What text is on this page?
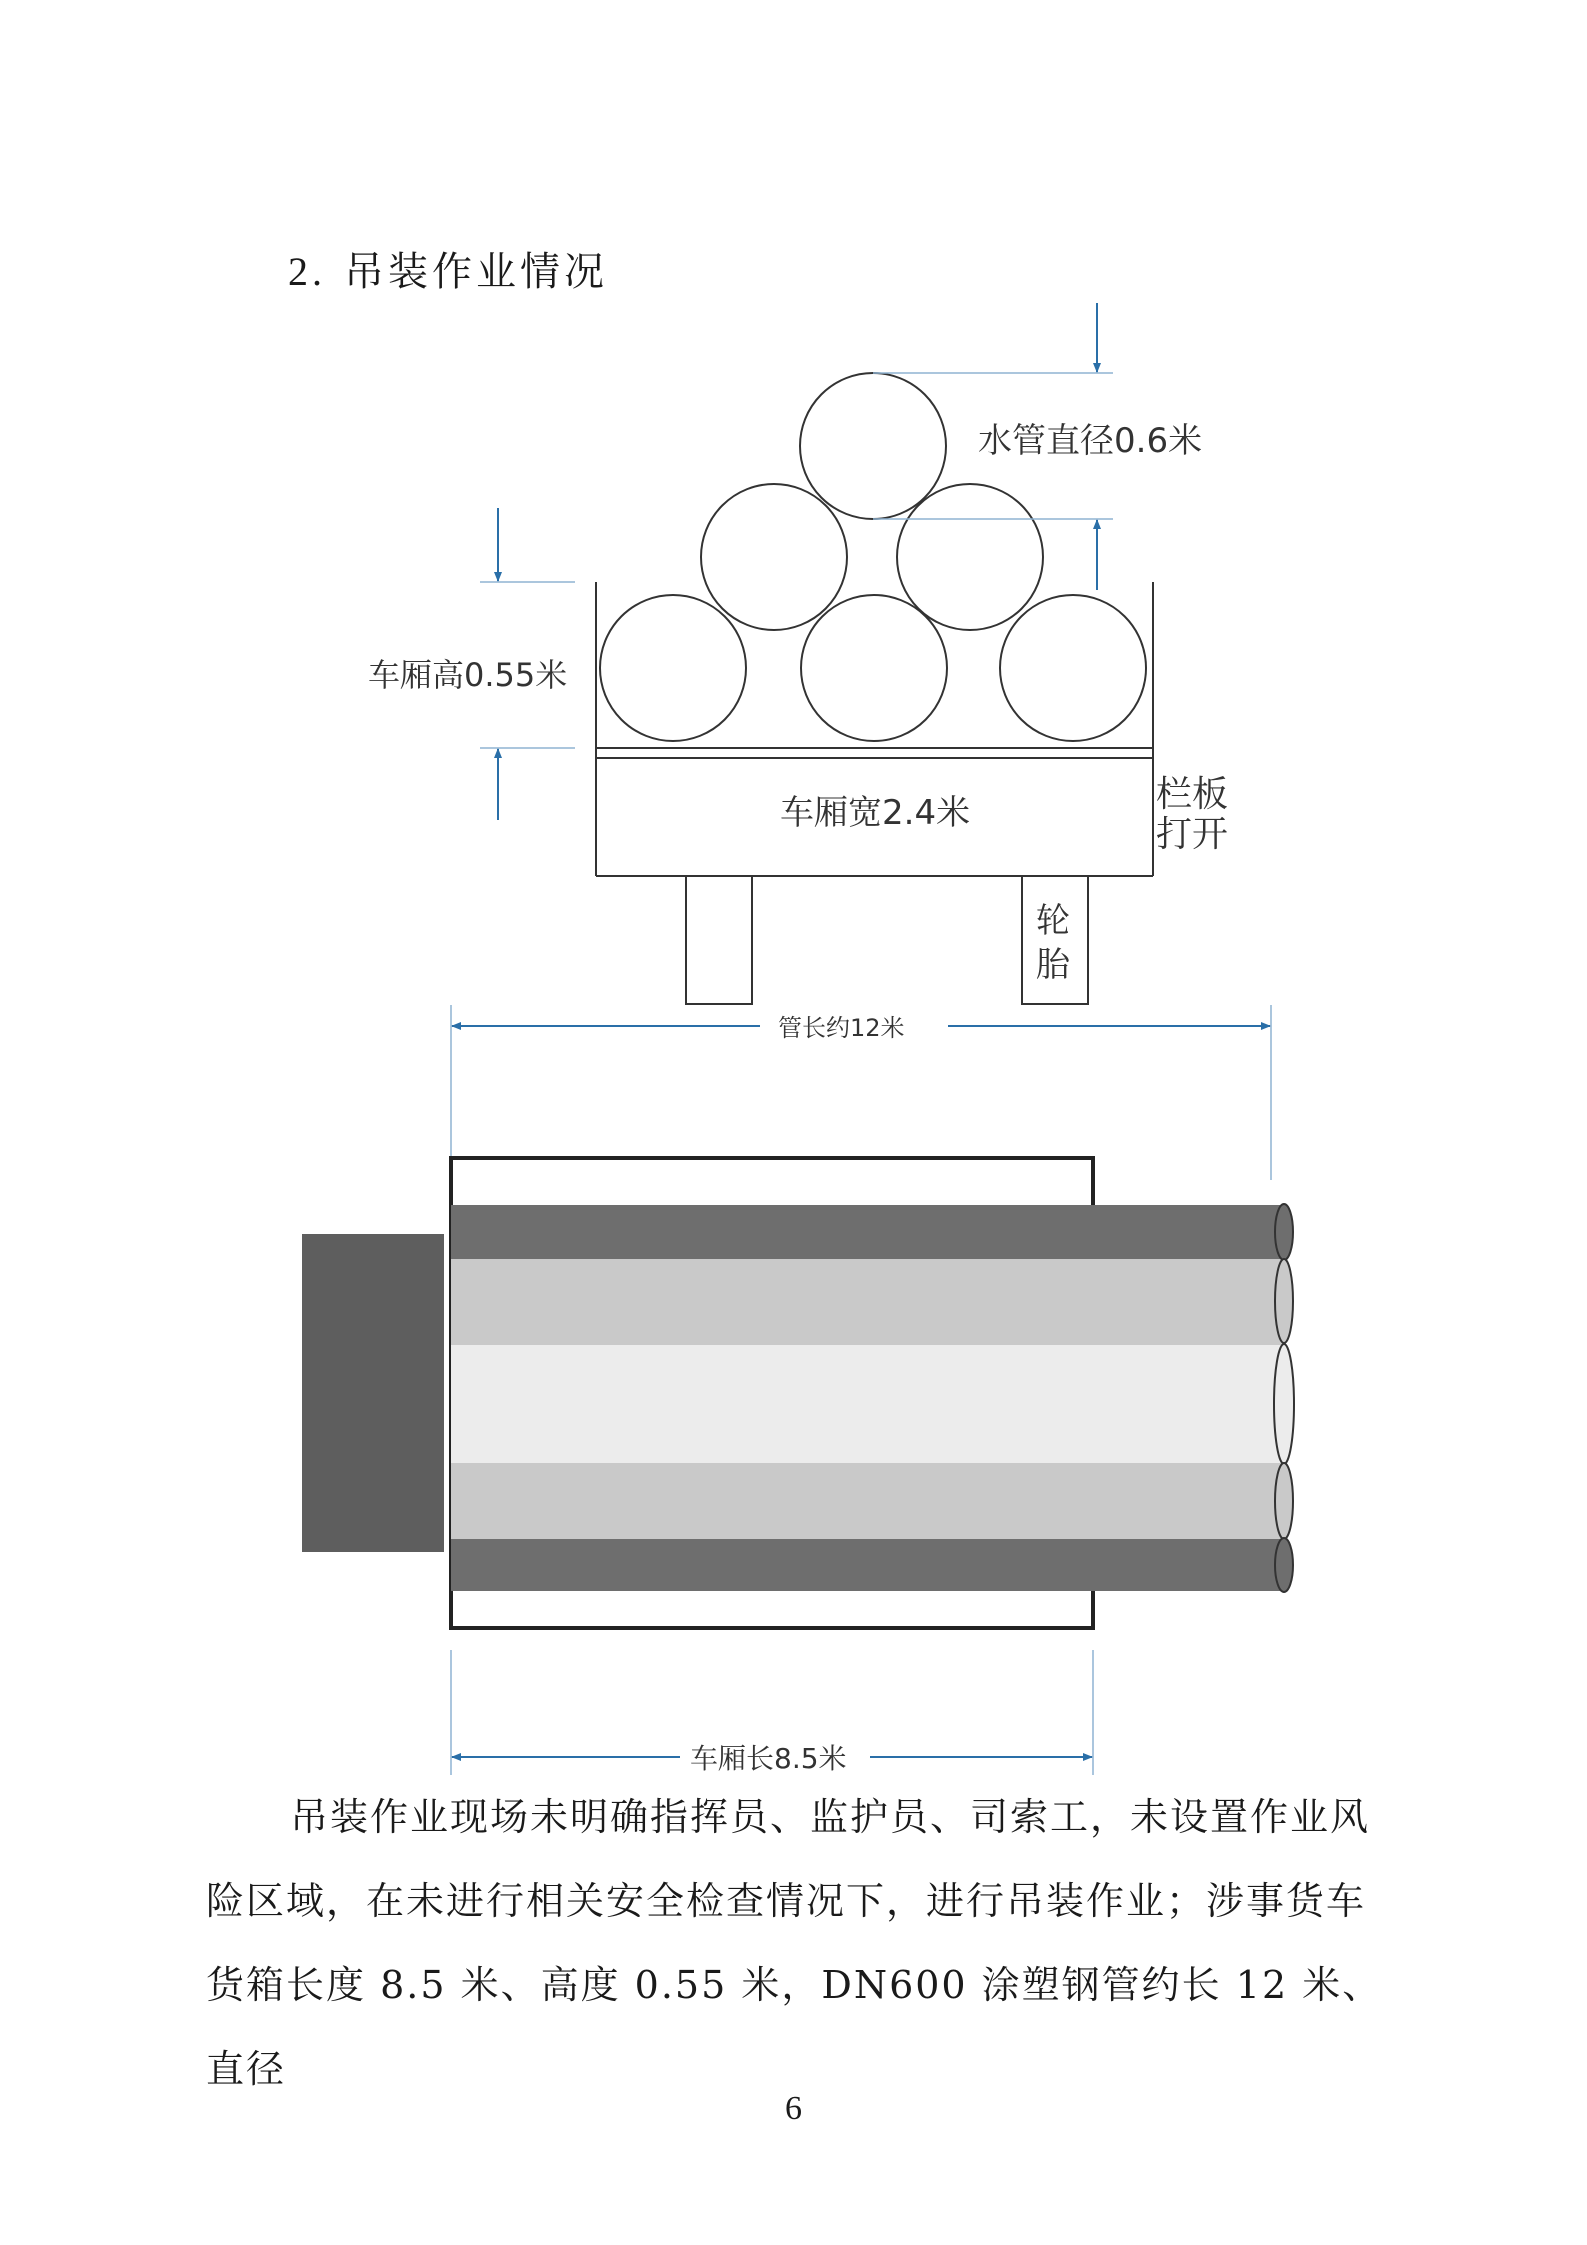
2. 吊装作业情况
水管直径0.6米
车厢高0.55米
车厢宽2.4米	栏板
打开
轮
胎
管长约12米
车厢长8.5米
吊装作业现场未明确指挥员、监护员、司索工，未设置作业风险区域，在未进行相关安全检查情况下，进行吊装作业；涉事货车货箱长度 8.5 米、高度 0.55 米，DN600 涂塑钢管约长 12 米、直径
6
